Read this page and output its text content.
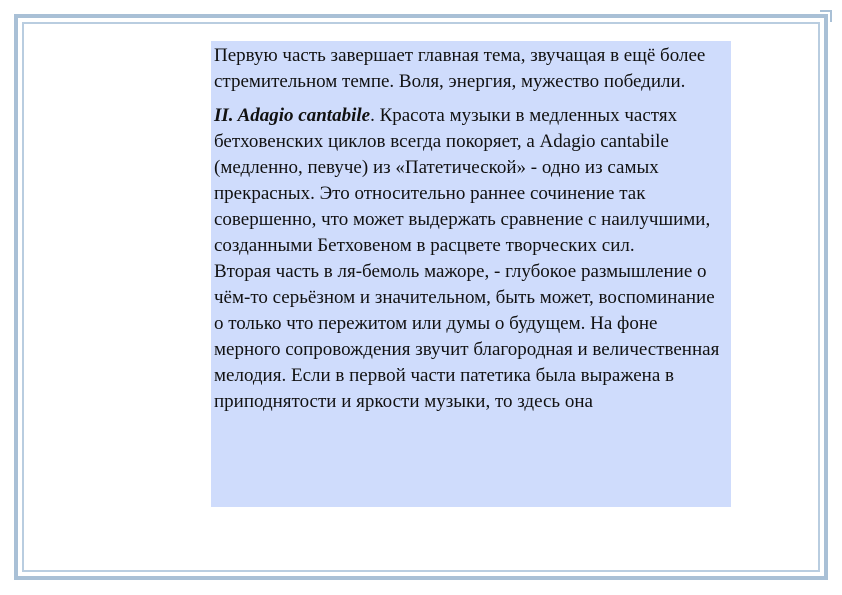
Первую часть завершает главная тема, звучащая в ещё более стремительном темпе. Воля, энергия, мужество победили.

II. Adagio cantabile. Красота музыки в медленных частях бетховенских циклов всегда покоряет, а Adagio cantabile (медленно, певуче) из «Патетической» - одно из самых прекрасных. Это относительно раннее сочинение так совершенно, что может выдержать сравнение с наилучшими, созданными Бетховеном в расцвете творческих сил.

Вторая часть в ля-бемоль мажоре, - глубокое размышление о чём-то серьёзном и значительном, быть может, воспоминание о только что пережитом или думы о будущем. На фоне мерного сопровождения звучит благородная и величественная мелодия. Если в первой части патетика была выражена в приподнятости и яркости музыки, то здесь она
